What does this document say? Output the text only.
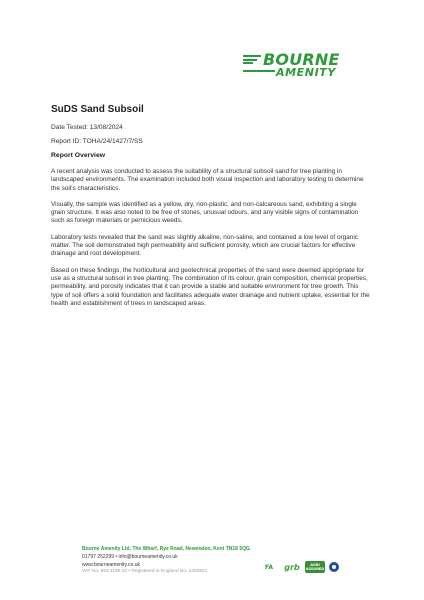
BOURNE
AMENITY
SuDS Sand Subsoil
Date Tested: 13/08/2024
Report ID: TOHA/24/1427/7/SS
Report Overview

A recent analysis was conducted to assess the suitability of a structural subsoil sand for tree planting in landscaped environments. The examination included both visual inspection and laboratory testing to determine the soil's characteristics.

Visually, the sample was identified as a yellow, dry, non-plastic, and non-calcareous sand, exhibiting a single grain structure. It was also noted to be free of stones, unusual odours, and any visible signs of contamination such as foreign materials or pernicious weeds.

Laboratory tests revealed that the sand was slightly alkaline, non-saline, and contained a low level of organic matter. The soil demonstrated high permeability and sufficient porosity, which are crucial factors for effective drainage and root development.

Based on these findings, the horticultural and geotechnical properties of the sand were deemed appropriate for use as a structural subsoil in tree planting. The combination of its colour, grain composition, chemical properties, permeability, and porosity indicates that it can provide a stable and suitable environment for tree growth. This type of soil offers a solid foundation and facilitates adequate water drainage and nutrient uptake, essential for the health and establishment of trees in landscaped areas.

Bourne Amenity Ltd, The Wharf, Rye Road, Newenden, Kent TN18 5QG
01797 252299 • info@bourneamenity.co.uk
www.bourneamenity.co.uk
VAT No. 863 1190 22 • Registered in England No. 3453821
FA	grb	AGRI ASSURED
